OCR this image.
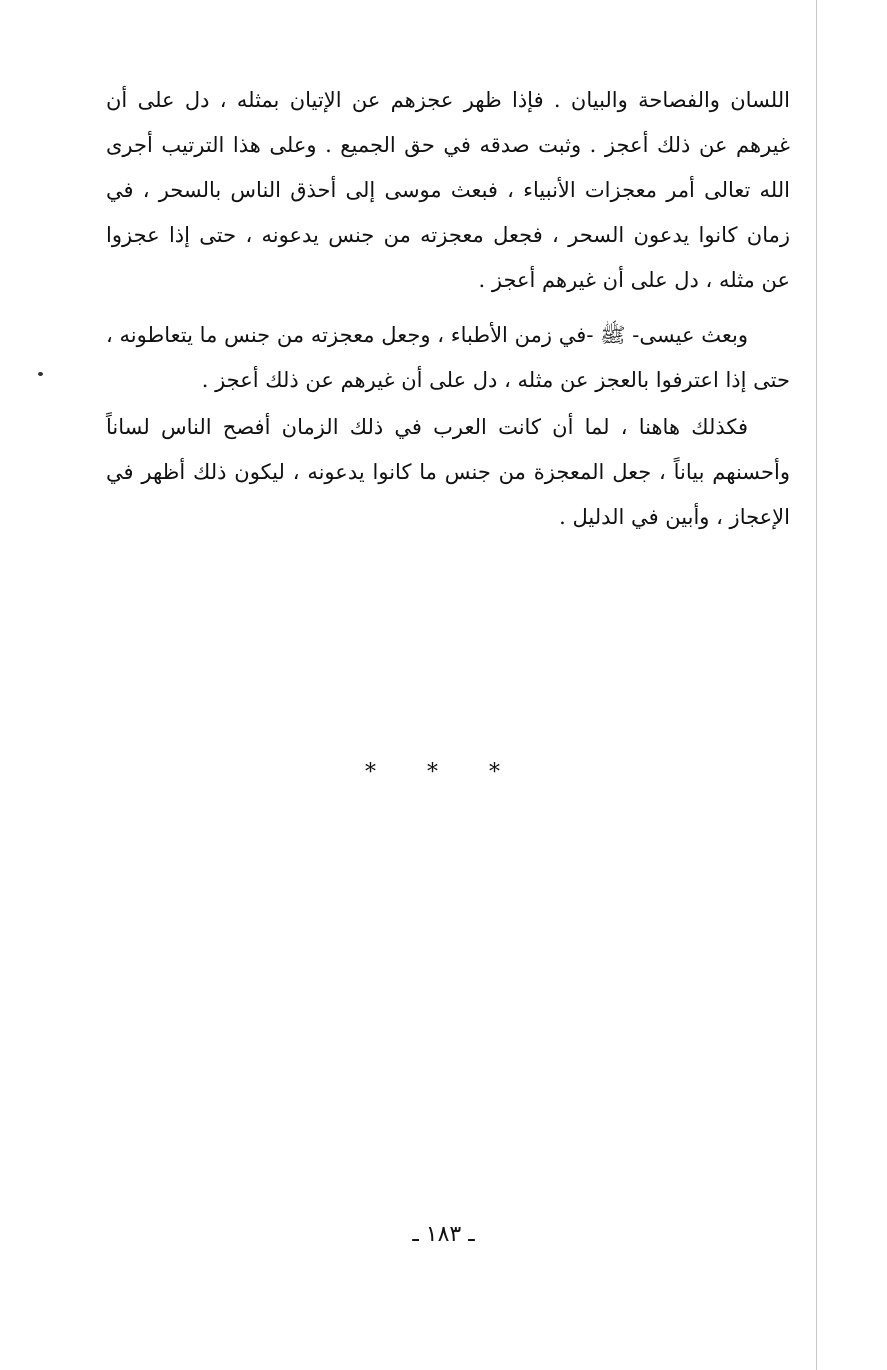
اللسان والفصاحة والبيان . فإذا ظهر عجزهم عن الإتيان بمثله ، دل على أن غيرهم عن ذلك أعجز . وثبت صدقه في حق الجميع . وعلى هذا الترتيب أجرى الله تعالى أمر معجزات الأنبياء ، فبعث موسى إلى أحذق الناس بالسحر ، في زمان كانوا يدعون السحر ، فجعل معجزته من جنس يدعونه ، حتى إذا عجزوا عن مثله ، دل على أن غيرهم أعجز .

وبعث عيسى- ﷺ -في زمن الأطباء ، وجعل معجزته من جنس ما يتعاطونه ، حتى إذا اعترفوا بالعجز عن مثله ، دل على أن غيرهم عن ذلك أعجز .

فكذلك هاهنا ، لما أن كانت العرب في ذلك الزمان أفصح الناس لساناً وأحسنهم بياناً ، جعل المعجزة من جنس ما كانوا يدعونه ، ليكون ذلك أظهر في الإعجاز ، وأبين في الدليل .

* * *
ـ ١٨٣ ـ
